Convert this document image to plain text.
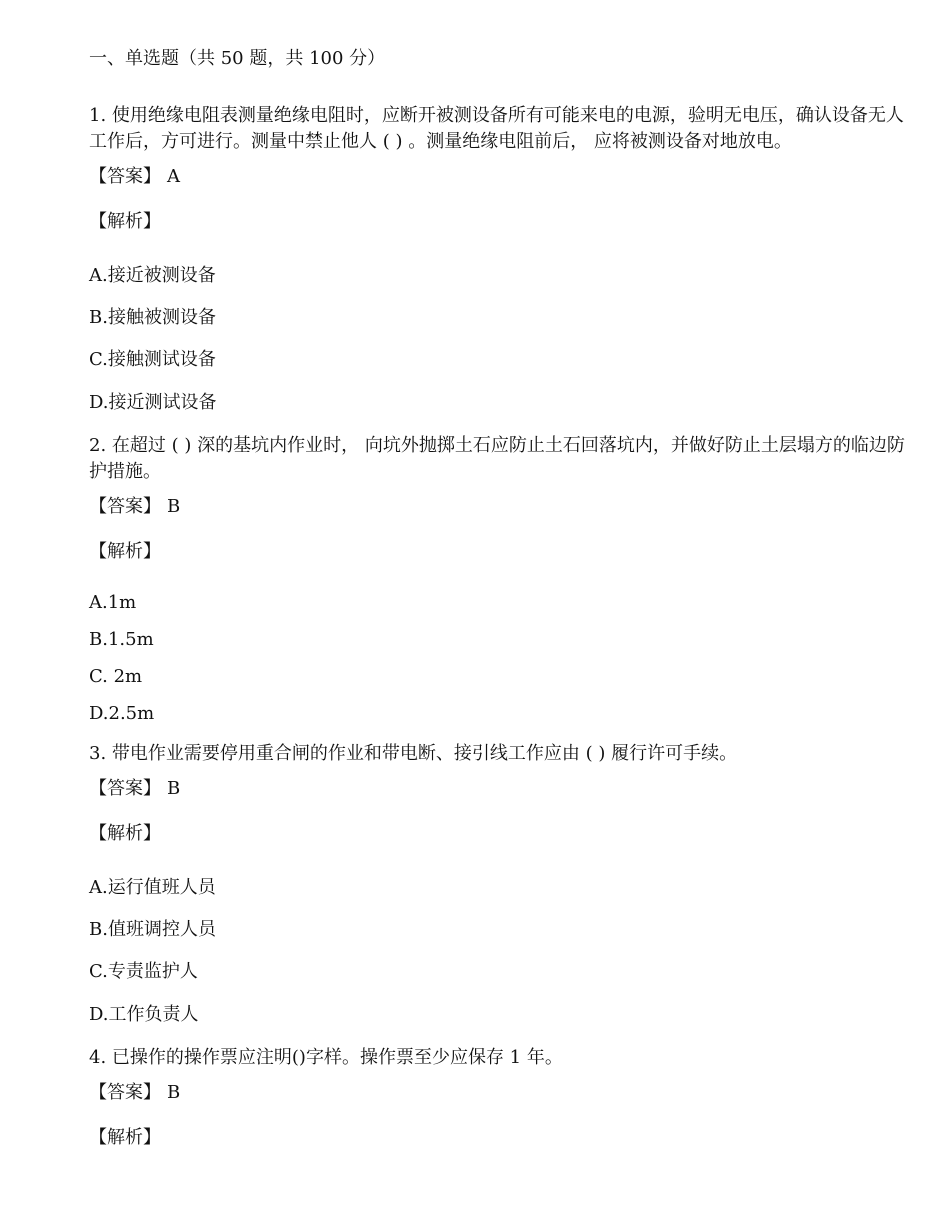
一、单选题（共 50 题，共 100 分）
1. 使用绝缘电阻表测量绝缘电阻时，应断开被测设备所有可能来电的电源，验明无电压，确认设备无人工作后，方可进行。测量中禁止他人 ( ) 。测量绝缘电阻前后， 应将被测设备对地放电。
【答案】 A
【解析】
A.接近被测设备
B.接触被测设备
C.接触测试设备
D.接近测试设备
2. 在超过 ( ) 深的基坑内作业时， 向坑外抛掷土石应防止土石回落坑内，并做好防止土层塌方的临边防护措施。
【答案】 B
【解析】
A.1m
B.1.5m
C. 2m
D.2.5m
3. 带电作业需要停用重合闸的作业和带电断、接引线工作应由 ( ) 履行许可手续。
【答案】 B
【解析】
A.运行值班人员
B.值班调控人员
C.专责监护人
D.工作负责人
4. 已操作的操作票应注明()字样。操作票至少应保存 1 年。
【答案】 B
【解析】
